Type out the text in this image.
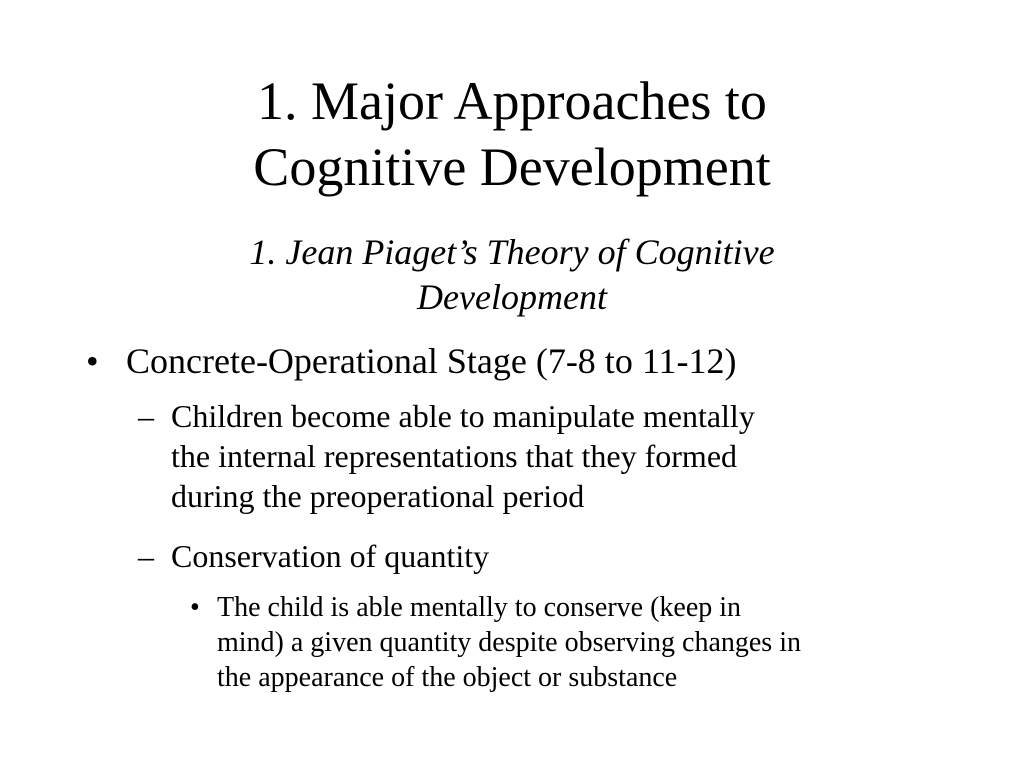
1. Major Approaches to
Cognitive Development
1. Jean Piaget’s Theory of Cognitive
Development
• Concrete-Operational Stage (7-8 to 11-12)
– Children become able to manipulate mentally
the internal representations that they formed
during the preoperational period
– Conservation of quantity
• The child is able mentally to conserve (keep in
mind) a given quantity despite observing changes in
the appearance of the object or substance
